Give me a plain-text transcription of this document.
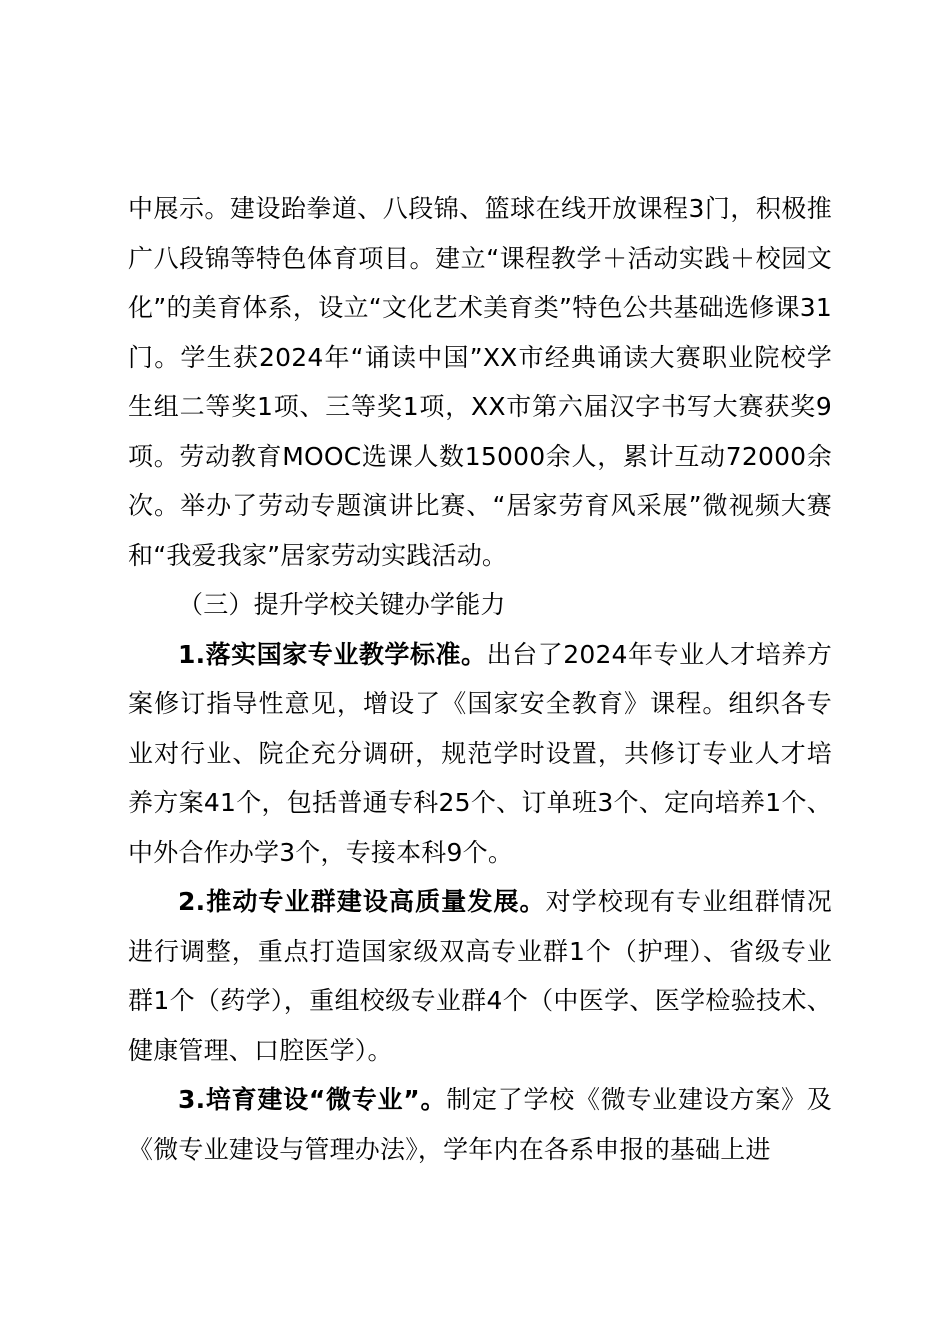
中展示。建设跆拳道、八段锦、篮球在线开放课程3门，积极推广八段锦等特色体育项目。建立“课程教学＋活动实践＋校园文化”的美育体系，设立“文化艺术美育类”特色公共基础选修课31门。学生获2024年“诵读中国”XX市经典诵读大赛职业院校学生组二等奖1项、三等奖1项，XX市第六届汉字书写大赛获奖9项。劳动教育MOOC选课人数15000余人，累计互动72000余次。举办了劳动专题演讲比赛、“居家劳育风采展”微视频大赛和“我爱我家”居家劳动实践活动。

（三）提升学校关键办学能力

1.落实国家专业教学标准。出台了2024年专业人才培养方案修订指导性意见，增设了《国家安全教育》课程。组织各专业对行业、院企充分调研，规范学时设置，共修订专业人才培养方案41个，包括普通专科25个、订单班3个、定向培养1个、中外合作办学3个，专接本科9个。

2.推动专业群建设高质量发展。对学校现有专业组群情况进行调整，重点打造国家级双高专业群1个（护理）、省级专业群1个（药学），重组校级专业群4个（中医学、医学检验技术、健康管理、口腔医学）。

3.培育建设“微专业”。制定了学校《微专业建设方案》及《微专业建设与管理办法》，学年内在各系申报的基础上进
